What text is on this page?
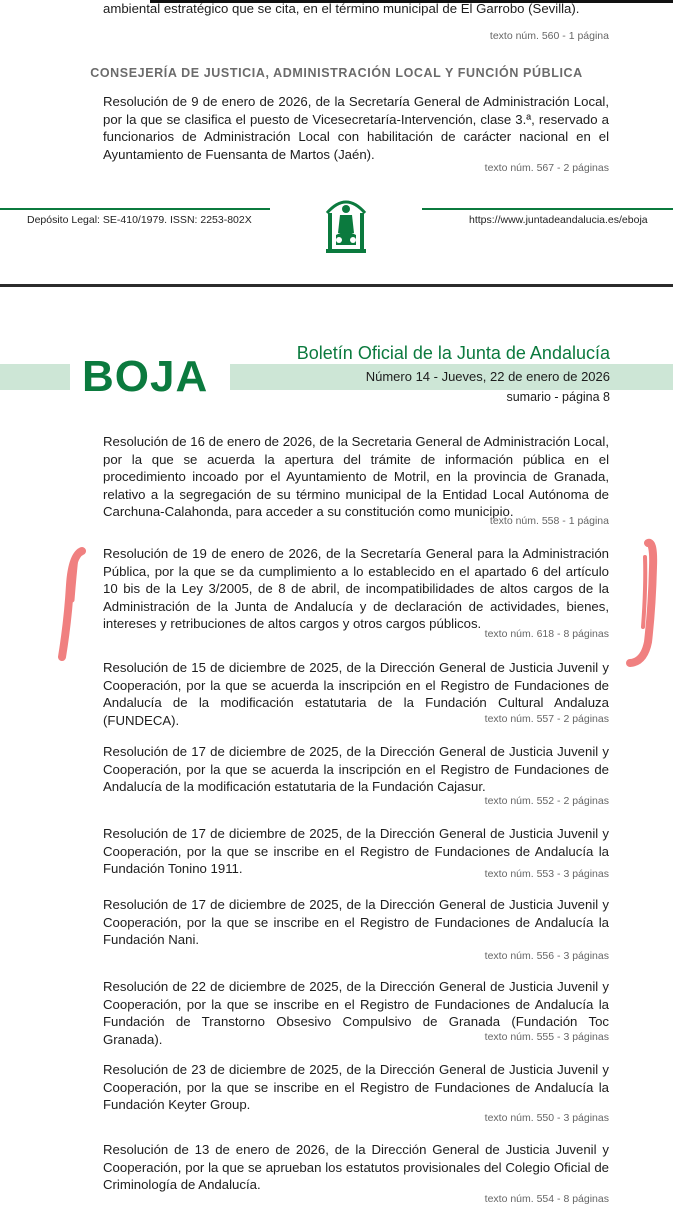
ambiental estratégico que se cita, en el término municipal de El Garrobo (Sevilla).

texto núm. 560 - 1 página
CONSEJERÍA DE JUSTICIA, ADMINISTRACIÓN LOCAL Y FUNCIÓN PÚBLICA

Resolución de 9 de enero de 2026, de la Secretaría General de Administración Local, por la que se clasifica el puesto de Vicesecretaría-Intervención, clase 3.ª, reservado a funcionarios de Administración Local con habilitación de carácter nacional en el Ayuntamiento de Fuensanta de Martos (Jaén).

texto núm. 567 - 2 páginas
Depósito Legal: SE-410/1979. ISSN: 2253-802X	https://www.juntadeandalucia.es/eboja
BOJA	Boletín Oficial de la Junta de Andalucía
Número 14 - Jueves, 22 de enero de 2026
sumario - página 8

Resolución de 16 de enero de 2026, de la Secretaria General de Administración Local, por la que se acuerda la apertura del trámite de información pública en el procedimiento incoado por el Ayuntamiento de Motril, en la provincia de Granada, relativo a la segregación de su término municipal de la Entidad Local Autónoma de Carchuna-Calahonda, para acceder a su constitución como municipio.

texto núm. 558 - 1 página

Resolución de 19 de enero de 2026, de la Secretaría General para la Administración Pública, por la que se da cumplimiento a lo establecido en el apartado 6 del artículo 10 bis de la Ley 3/2005, de 8 de abril, de incompatibilidades de altos cargos de la Administración de la Junta de Andalucía y de declaración de actividades, bienes, intereses y retribuciones de altos cargos y otros cargos públicos.

texto núm. 618 - 8 páginas

Resolución de 15 de diciembre de 2025, de la Dirección General de Justicia Juvenil y Cooperación, por la que se acuerda la inscripción en el Registro de Fundaciones de Andalucía de la modificación estatutaria de la Fundación Cultural Andaluza (FUNDECA).	texto núm. 557 - 2 páginas

Resolución de 17 de diciembre de 2025, de la Dirección General de Justicia Juvenil y Cooperación, por la que se acuerda la inscripción en el Registro de Fundaciones de Andalucía de la modificación estatutaria de la Fundación Cajasur.

texto núm. 552 - 2 páginas

Resolución de 17 de diciembre de 2025, de la Dirección General de Justicia Juvenil y Cooperación, por la que se inscribe en el Registro de Fundaciones de Andalucía la Fundación Tonino 1911.	texto núm. 553 - 3 páginas

Resolución de 17 de diciembre de 2025, de la Dirección General de Justicia Juvenil y Cooperación, por la que se inscribe en el Registro de Fundaciones de Andalucía la Fundación Nani.

texto núm. 556 - 3 páginas

Resolución de 22 de diciembre de 2025, de la Dirección General de Justicia Juvenil y Cooperación, por la que se inscribe en el Registro de Fundaciones de Andalucía la Fundación de Transtorno Obsesivo Compulsivo de Granada (Fundación Toc Granada).	texto núm. 555 - 3 páginas

Resolución de 23 de diciembre de 2025, de la Dirección General de Justicia Juvenil y Cooperación, por la que se inscribe en el Registro de Fundaciones de Andalucía la Fundación Keyter Group.

texto núm. 550 - 3 páginas

Resolución de 13 de enero de 2026, de la Dirección General de Justicia Juvenil y Cooperación, por la que se aprueban los estatutos provisionales del Colegio Oficial de Criminología de Andalucía.

texto núm. 554 - 8 páginas
